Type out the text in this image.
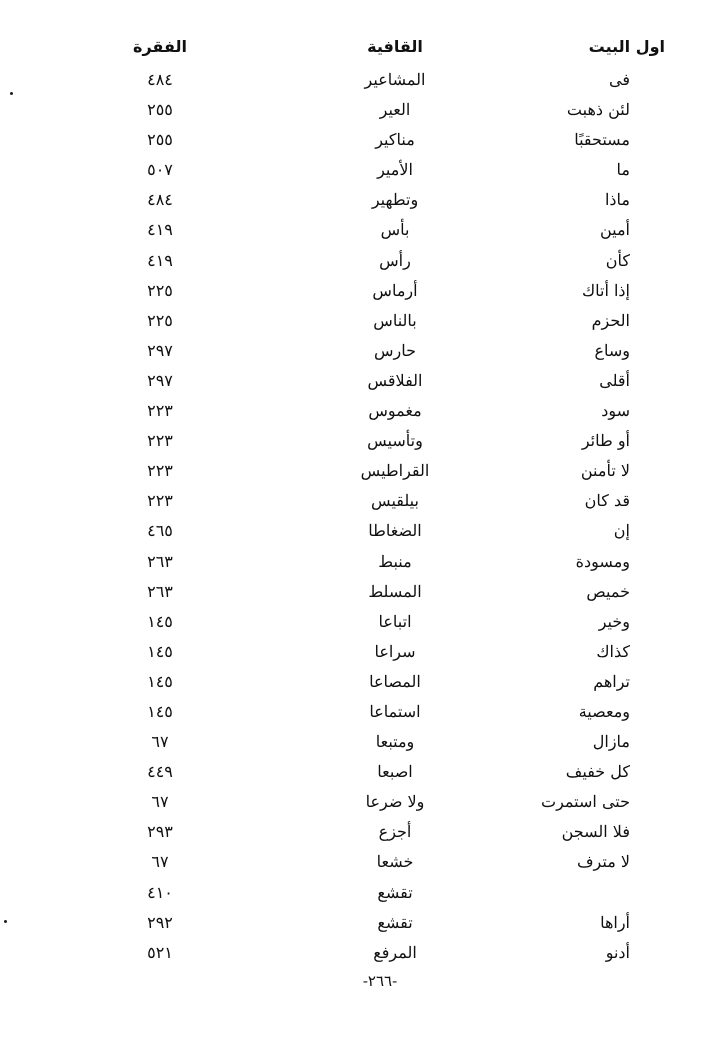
اول البيت
القافية
الفقرة
فى
المشاعير
٤٨٤
لئن ذهبت
العير
٢٥٥
مستحقبًا
مناكير
٢٥٥
ما
الأمير
٥٠٧
ماذا
وتطهير
٤٨٤
أمين
بأس
٤١٩
كأن
رأس
٤١٩
إذا أتاك
أرماس
٢٢٥
الحزم
بالناس
٢٢٥
وساع
حارس
٢٩٧
أقلى
الفلاقس
٢٩٧
سود
مغموس
٢٢٣
أو طائر
وتأسيس
٢٢٣
لا تأمنن
القراطيس
٢٢٣
قد كان
بيلقيس
٢٢٣
إن
الضغاطا
٤٦٥
ومسودة
منبط
٢٦٣
خميص
المسلط
٢٦٣
وخير
اتباعا
١٤٥
كذاك
سراعا
١٤٥
تراهم
المصاعا
١٤٥
ومعصية
استماعا
١٤٥
مازال
ومتبعا
٦٧
كل خفيف
اصبعا
٤٤٩
حتى استمرت
ولا ضرعا
٦٧
فلا السجن
أجزع
٢٩٣
لا مترف
خشعا
٦٧
تقشع
٤١٠
أراها
تقشع
٢٩٢
أدنو
المرفع
٥٢١
-٢٦٦-
